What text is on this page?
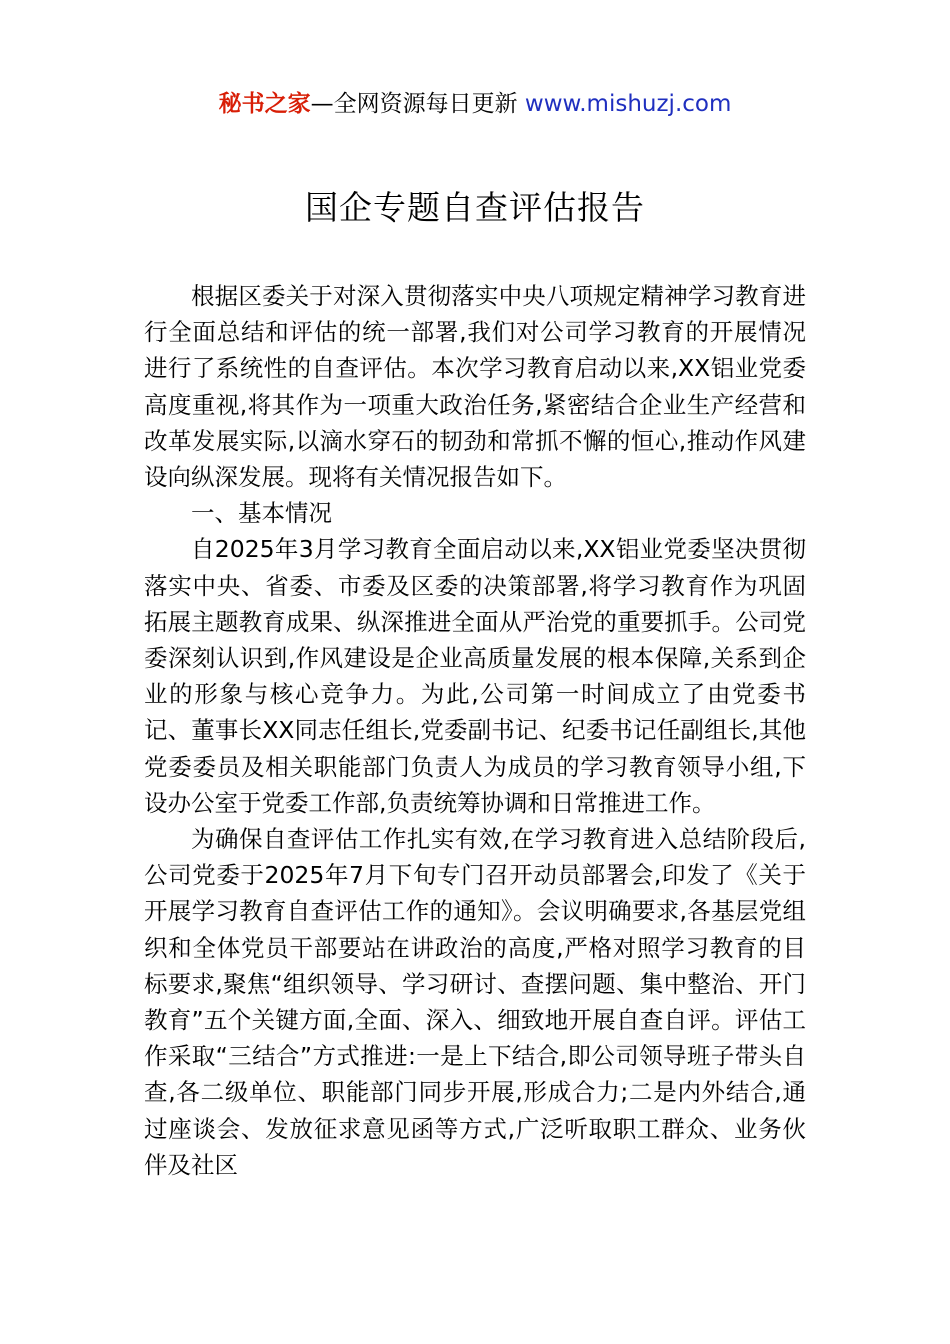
秘书之家—全网资源每日更新 www.mishuzj.com
国企专题自查评估报告

根据区委关于对深入贯彻落实中央八项规定精神学习教育进行全面总结和评估的统一部署,我们对公司学习教育的开展情况进行了系统性的自查评估。本次学习教育启动以来,XX铝业党委高度重视,将其作为一项重大政治任务,紧密结合企业生产经营和改革发展实际,以滴水穿石的韧劲和常抓不懈的恒心,推动作风建设向纵深发展。现将有关情况报告如下。

一、基本情况

自2025年3月学习教育全面启动以来,XX铝业党委坚决贯彻落实中央、省委、市委及区委的决策部署,将学习教育作为巩固拓展主题教育成果、纵深推进全面从严治党的重要抓手。公司党委深刻认识到,作风建设是企业高质量发展的根本保障,关系到企业的形象与核心竞争力。为此,公司第一时间成立了由党委书记、董事长XX同志任组长,党委副书记、纪委书记任副组长,其他党委委员及相关职能部门负责人为成员的学习教育领导小组,下设办公室于党委工作部,负责统筹协调和日常推进工作。

为确保自查评估工作扎实有效,在学习教育进入总结阶段后,公司党委于2025年7月下旬专门召开动员部署会,印发了《关于开展学习教育自查评估工作的通知》。会议明确要求,各基层党组织和全体党员干部要站在讲政治的高度,严格对照学习教育的目标要求,聚焦“组织领导、学习研讨、查摆问题、集中整治、开门教育”五个关键方面,全面、深入、细致地开展自查自评。评估工作采取“三结合”方式推进:一是上下结合,即公司领导班子带头自查,各二级单位、职能部门同步开展,形成合力;二是内外结合,通过座谈会、发放征求意见函等方式,广泛听取职工群众、业务伙伴及社区
